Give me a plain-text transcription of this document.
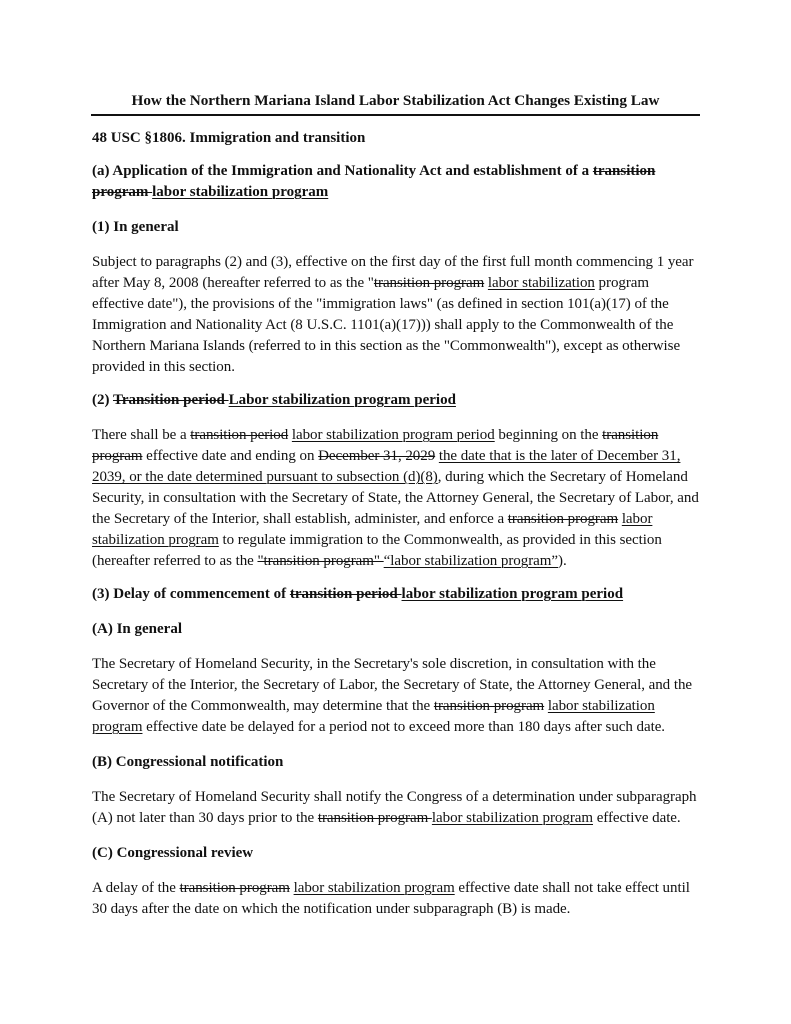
How the Northern Mariana Island Labor Stabilization Act Changes Existing Law

48 USC §1806. Immigration and transition

(a) Application of the Immigration and Nationality Act and establishment of a transition program labor stabilization program

(1) In general

Subject to paragraphs (2) and (3), effective on the first day of the first full month commencing 1 year after May 8, 2008 (hereafter referred to as the "transition program labor stabilization program effective date"), the provisions of the "immigration laws" (as defined in section 101(a)(17) of the Immigration and Nationality Act (8 U.S.C. 1101(a)(17))) shall apply to the Commonwealth of the Northern Mariana Islands (referred to in this section as the "Commonwealth"), except as otherwise provided in this section.

(2) Transition period Labor stabilization program period

There shall be a transition period labor stabilization program period beginning on the transition program effective date and ending on December 31, 2029 the date that is the later of December 31, 2039, or the date determined pursuant to subsection (d)(8), during which the Secretary of Homeland Security, in consultation with the Secretary of State, the Attorney General, the Secretary of Labor, and the Secretary of the Interior, shall establish, administer, and enforce a transition program labor stabilization program to regulate immigration to the Commonwealth, as provided in this section (hereafter referred to as the "transition program" “labor stabilization program”).

(3) Delay of commencement of transition period labor stabilization program period

(A) In general

The Secretary of Homeland Security, in the Secretary's sole discretion, in consultation with the Secretary of the Interior, the Secretary of Labor, the Secretary of State, the Attorney General, and the Governor of the Commonwealth, may determine that the transition program labor stabilization program effective date be delayed for a period not to exceed more than 180 days after such date.

(B) Congressional notification

The Secretary of Homeland Security shall notify the Congress of a determination under subparagraph (A) not later than 30 days prior to the transition program labor stabilization program effective date.

(C) Congressional review

A delay of the transition program labor stabilization program effective date shall not take effect until 30 days after the date on which the notification under subparagraph (B) is made.
